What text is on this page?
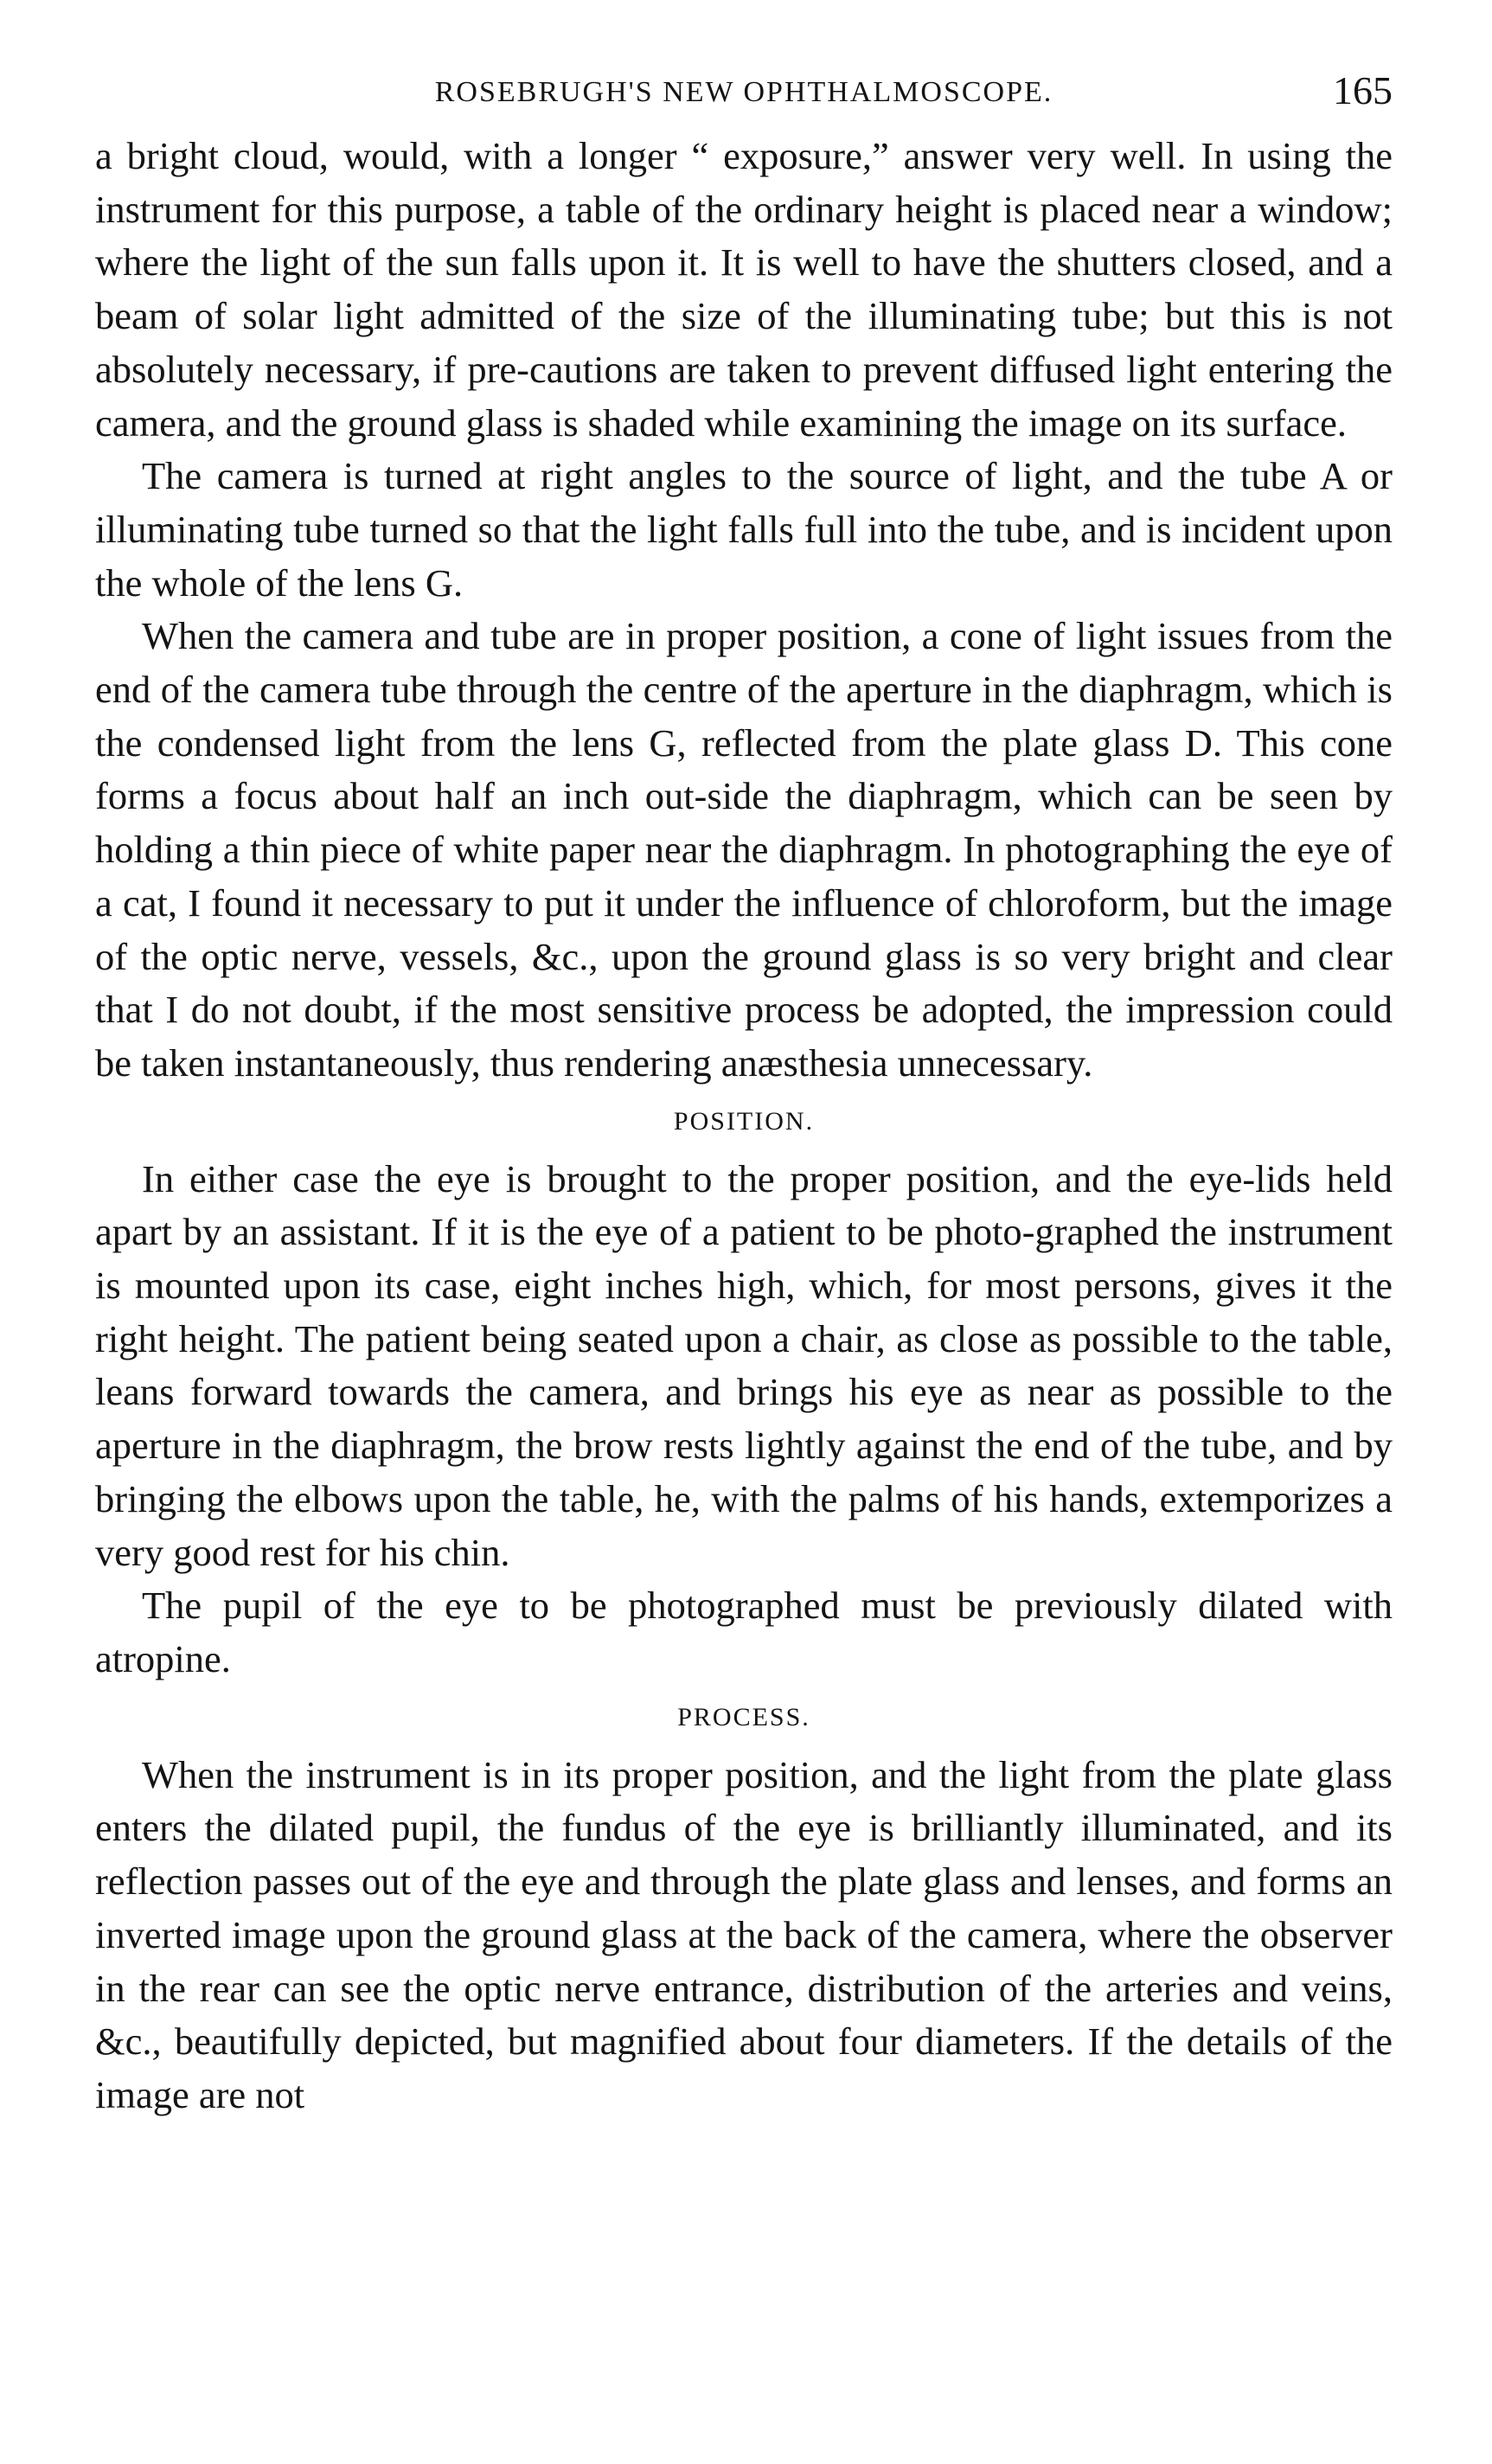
ROSEBRUGH'S NEW OPHTHALMOSCOPE.	165

a bright cloud, would, with a longer “ exposure,” answer very well. In using the instrument for this purpose, a table of the ordinary height is placed near a window; where the light of the sun falls upon it. It is well to have the shutters closed, and a beam of solar light admitted of the size of the illuminating tube; but this is not absolutely necessary, if pre-cautions are taken to prevent diffused light entering the camera, and the ground glass is shaded while examining the image on its surface.

The camera is turned at right angles to the source of light, and the tube A or illuminating tube turned so that the light falls full into the tube, and is incident upon the whole of the lens G.

When the camera and tube are in proper position, a cone of light issues from the end of the camera tube through the centre of the aperture in the diaphragm, which is the condensed light from the lens G, reflected from the plate glass D. This cone forms a focus about half an inch out-side the diaphragm, which can be seen by holding a thin piece of white paper near the diaphragm. In photographing the eye of a cat, I found it necessary to put it under the influence of chloroform, but the image of the optic nerve, vessels, &c., upon the ground glass is so very bright and clear that I do not doubt, if the most sensitive process be adopted, the impression could be taken instantaneously, thus rendering anæsthesia unnecessary.

POSITION.

In either case the eye is brought to the proper position, and the eye-lids held apart by an assistant. If it is the eye of a patient to be photo-graphed the instrument is mounted upon its case, eight inches high, which, for most persons, gives it the right height. The patient being seated upon a chair, as close as possible to the table, leans forward towards the camera, and brings his eye as near as possible to the aperture in the diaphragm, the brow rests lightly against the end of the tube, and by bringing the elbows upon the table, he, with the palms of his hands, extemporizes a very good rest for his chin.

The pupil of the eye to be photographed must be previously dilated with atropine.

PROCESS.

When the instrument is in its proper position, and the light from the plate glass enters the dilated pupil, the fundus of the eye is brilliantly illuminated, and its reflection passes out of the eye and through the plate glass and lenses, and forms an inverted image upon the ground glass at the back of the camera, where the observer in the rear can see the optic nerve entrance, distribution of the arteries and veins, &c., beautifully depicted, but magnified about four diameters. If the details of the image are not
